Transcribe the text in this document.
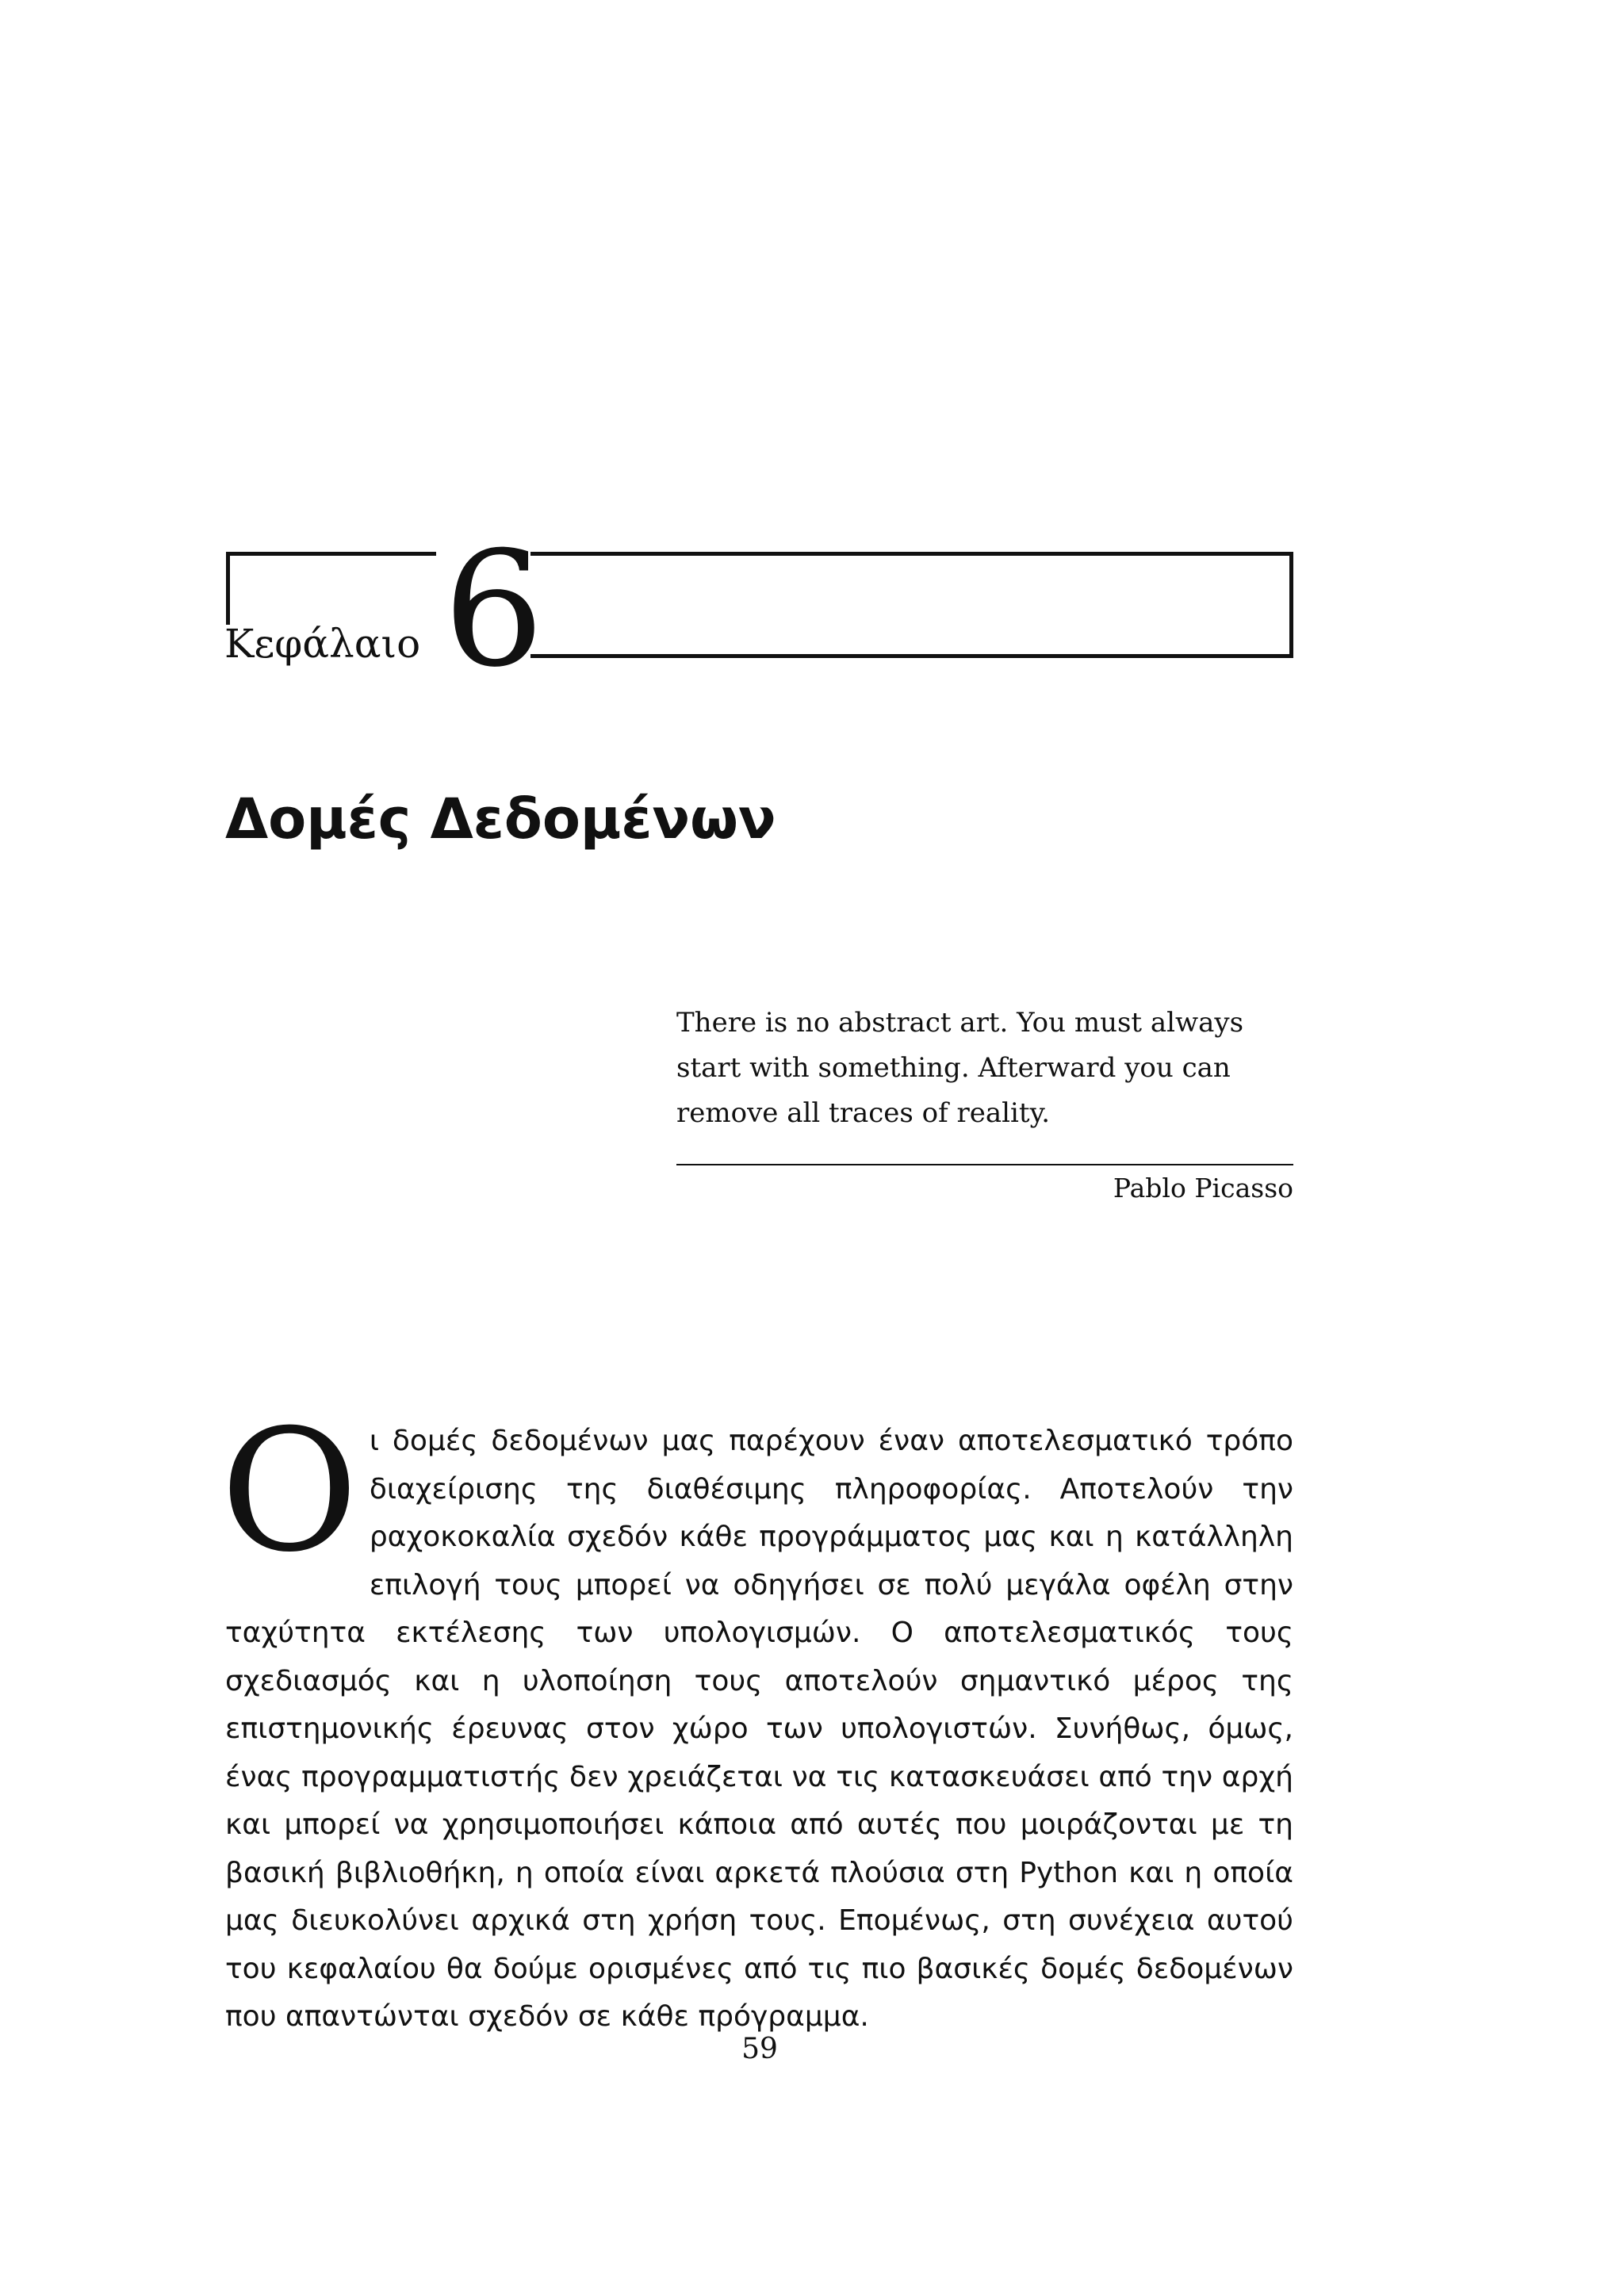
Κεφάλαιο 6
Δομές Δεδομένων
There is no abstract art. You must always start with something. Afterward you can remove all traces of reality.
Pablo Picasso

Οι δομές δεδομένων μας παρέχουν έναν αποτελεσματικό τρόπο διαχείρισης της διαθέσιμης πληροφορίας. Αποτελούν την ραχοκοκαλία σχεδόν κάθε προγράμματος μας και η κατάλληλη επιλογή τους μπορεί να οδηγήσει σε πολύ μεγάλα οφέλη στην ταχύτητα εκτέλεσης των υπολογισμών. Ο αποτελεσματικός τους σχεδιασμός και η υλοποίηση τους αποτελούν σημαντικό μέρος της επιστημονικής έρευνας στον χώρο των υπολογιστών. Συνήθως, όμως, ένας προγραμματιστής δεν χρειάζεται να τις κατασκευάσει από την αρχή και μπορεί να χρησιμοποιήσει κάποια από αυτές που μοιράζονται με τη βασική βιβλιοθήκη, η οποία είναι αρκετά πλούσια στη Python και η οποία μας διευκολύνει αρχικά στη χρήση τους. Επομένως, στη συνέχεια αυτού του κεφαλαίου θα δούμε ορισμένες από τις πιο βασικές δομές δεδομένων που απαντώνται σχεδόν σε κάθε πρόγραμμα.

59
